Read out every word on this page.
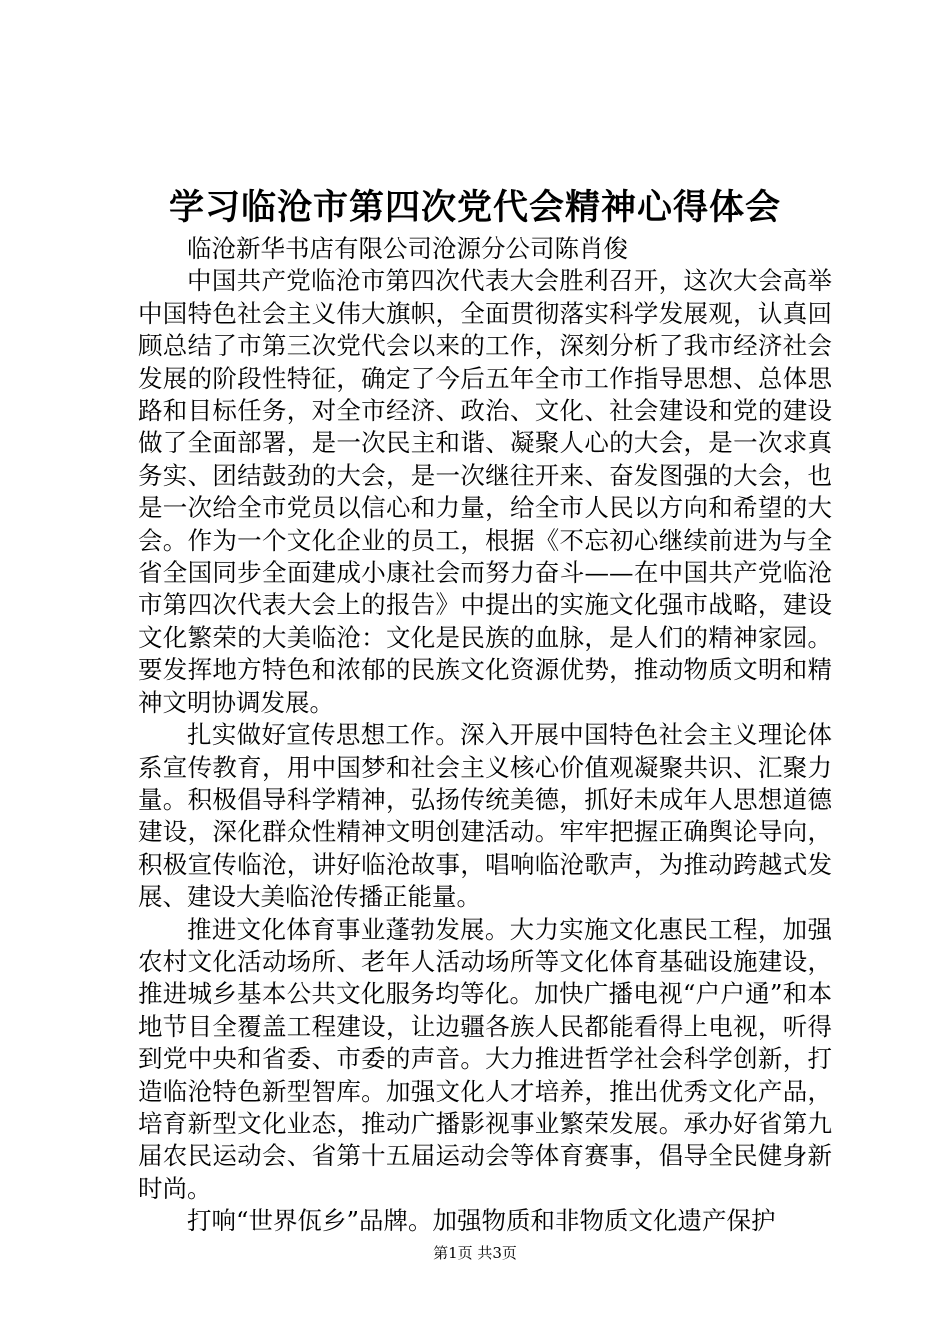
学习临沧市第四次党代会精神心得体会

临沧新华书店有限公司沧源分公司陈肖俊

中国共产党临沧市第四次代表大会胜利召开，这次大会高举中国特色社会主义伟大旗帜，全面贯彻落实科学发展观，认真回顾总结了市第三次党代会以来的工作，深刻分析了我市经济社会发展的阶段性特征，确定了今后五年全市工作指导思想、总体思路和目标任务，对全市经济、政治、文化、社会建设和党的建设做了全面部署，是一次民主和谐、凝聚人心的大会，是一次求真务实、团结鼓劲的大会，是一次继往开来、奋发图强的大会，也是一次给全市党员以信心和力量，给全市人民以方向和希望的大会。作为一个文化企业的员工，根据《不忘初心继续前进为与全省全国同步全面建成小康社会而努力奋斗——在中国共产党临沧市第四次代表大会上的报告》中提出的实施文化强市战略，建设文化繁荣的大美临沧：文化是民族的血脉，是人们的精神家园。要发挥地方特色和浓郁的民族文化资源优势，推动物质文明和精神文明协调发展。

扎实做好宣传思想工作。深入开展中国特色社会主义理论体系宣传教育，用中国梦和社会主义核心价值观凝聚共识、汇聚力量。积极倡导科学精神，弘扬传统美德，抓好未成年人思想道德建设，深化群众性精神文明创建活动。牢牢把握正确舆论导向，积极宣传临沧，讲好临沧故事，唱响临沧歌声，为推动跨越式发展、建设大美临沧传播正能量。

推进文化体育事业蓬勃发展。大力实施文化惠民工程，加强农村文化活动场所、老年人活动场所等文化体育基础设施建设，推进城乡基本公共文化服务均等化。加快广播电视“户户通”和本地节目全覆盖工程建设，让边疆各族人民都能看得上电视，听得到党中央和省委、市委的声音。大力推进哲学社会科学创新，打造临沧特色新型智库。加强文化人才培养，推出优秀文化产品，培育新型文化业态，推动广播影视事业繁荣发展。承办好省第九届农民运动会、省第十五届运动会等体育赛事，倡导全民健身新时尚。

打响“世界佤乡”品牌。加强物质和非物质文化遗产保护

第1页 共3页
